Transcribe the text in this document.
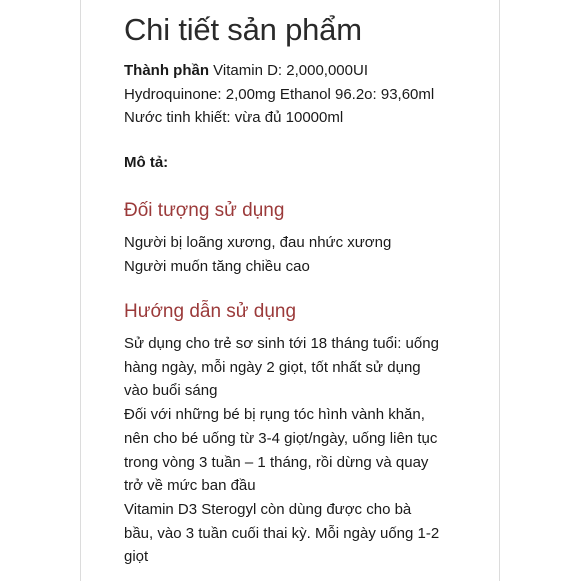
Chi tiết sản phẩm
Thành phần Vitamin D: 2,000,000UI
Hydroquinone: 2,00mg Ethanol 96.2o: 93,60ml
Nước tinh khiết: vừa đủ 10000ml
Mô tả:
Đối tượng sử dụng
Người bị loãng xương, đau nhức xương
Người muốn tăng chiều cao
Hướng dẫn sử dụng
Sử dụng cho trẻ sơ sinh tới 18 tháng tuổi: uống
hàng ngày, mỗi ngày 2 giọt, tốt nhất sử dụng
vào buổi sáng
Đối với những bé bị rụng tóc hình vành khăn,
nên cho bé uống từ 3-4 giọt/ngày, uống liên tục
trong vòng 3 tuần – 1 tháng, rồi dừng và quay
trở về mức ban đầu
Vitamin D3 Sterogyl còn dùng được cho bà
bầu, vào 3 tuần cuối thai kỳ. Mỗi ngày uống 1-2
giọt
